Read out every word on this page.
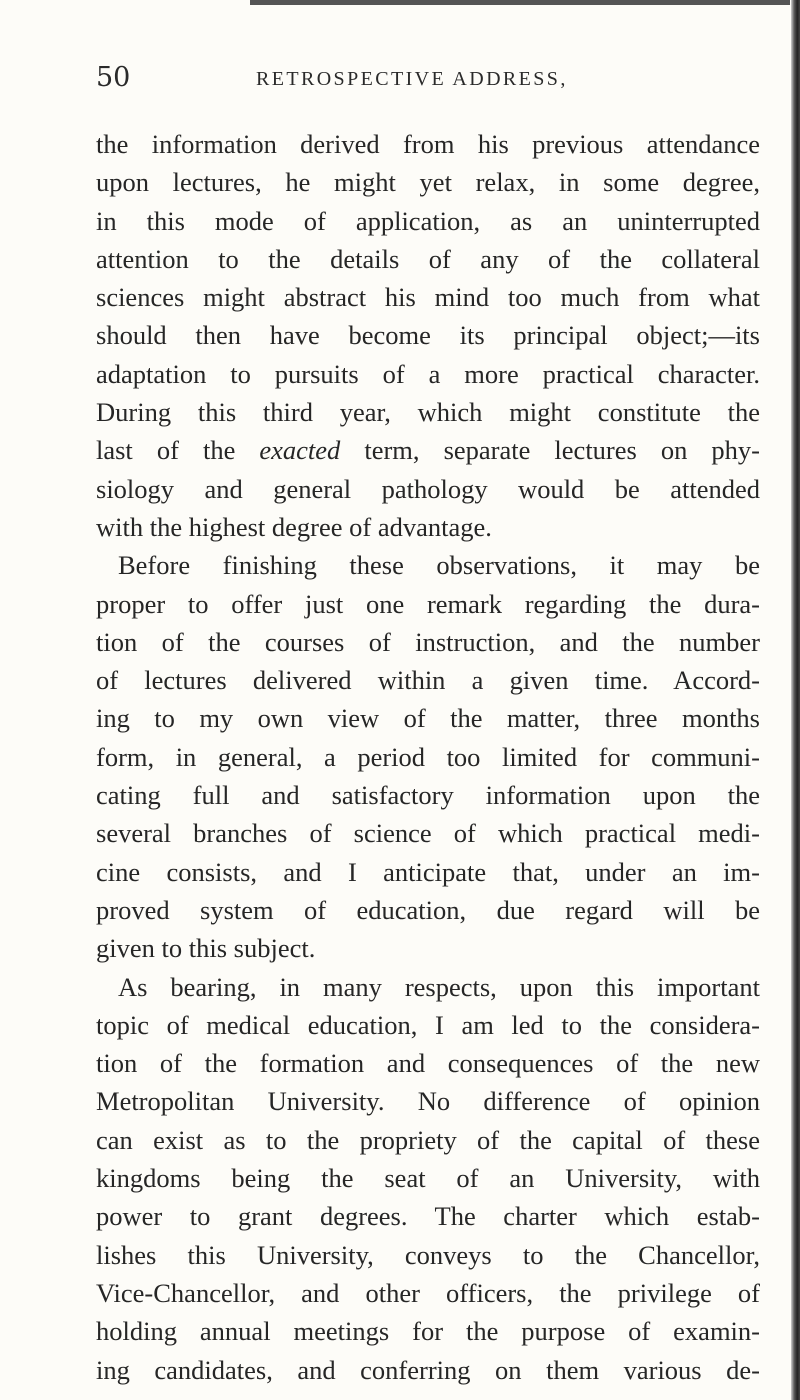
50	RETROSPECTIVE ADDRESS,
the information derived from his previous attendance
upon lectures, he might yet relax, in some degree,
in this mode of application, as an uninterrupted
attention to the details of any of the collateral
sciences might abstract his mind too much from what
should then have become its principal object;—its
adaptation to pursuits of a more practical character.
During this third year, which might constitute the
last of the exacted term, separate lectures on phy-
siology and general pathology would be attended
with the highest degree of advantage.
Before finishing these observations, it may be
proper to offer just one remark regarding the dura-
tion of the courses of instruction, and the number
of lectures delivered within a given time. Accord-
ing to my own view of the matter, three months
form, in general, a period too limited for communi-
cating full and satisfactory information upon the
several branches of science of which practical medi-
cine consists, and I anticipate that, under an im-
proved system of education, due regard will be
given to this subject.
As bearing, in many respects, upon this important
topic of medical education, I am led to the considera-
tion of the formation and consequences of the new
Metropolitan University. No difference of opinion
can exist as to the propriety of the capital of these
kingdoms being the seat of an University, with
power to grant degrees. The charter which estab-
lishes this University, conveys to the Chancellor,
Vice-Chancellor, and other officers, the privilege of
holding annual meetings for the purpose of examin-
ing candidates, and conferring on them various de-
